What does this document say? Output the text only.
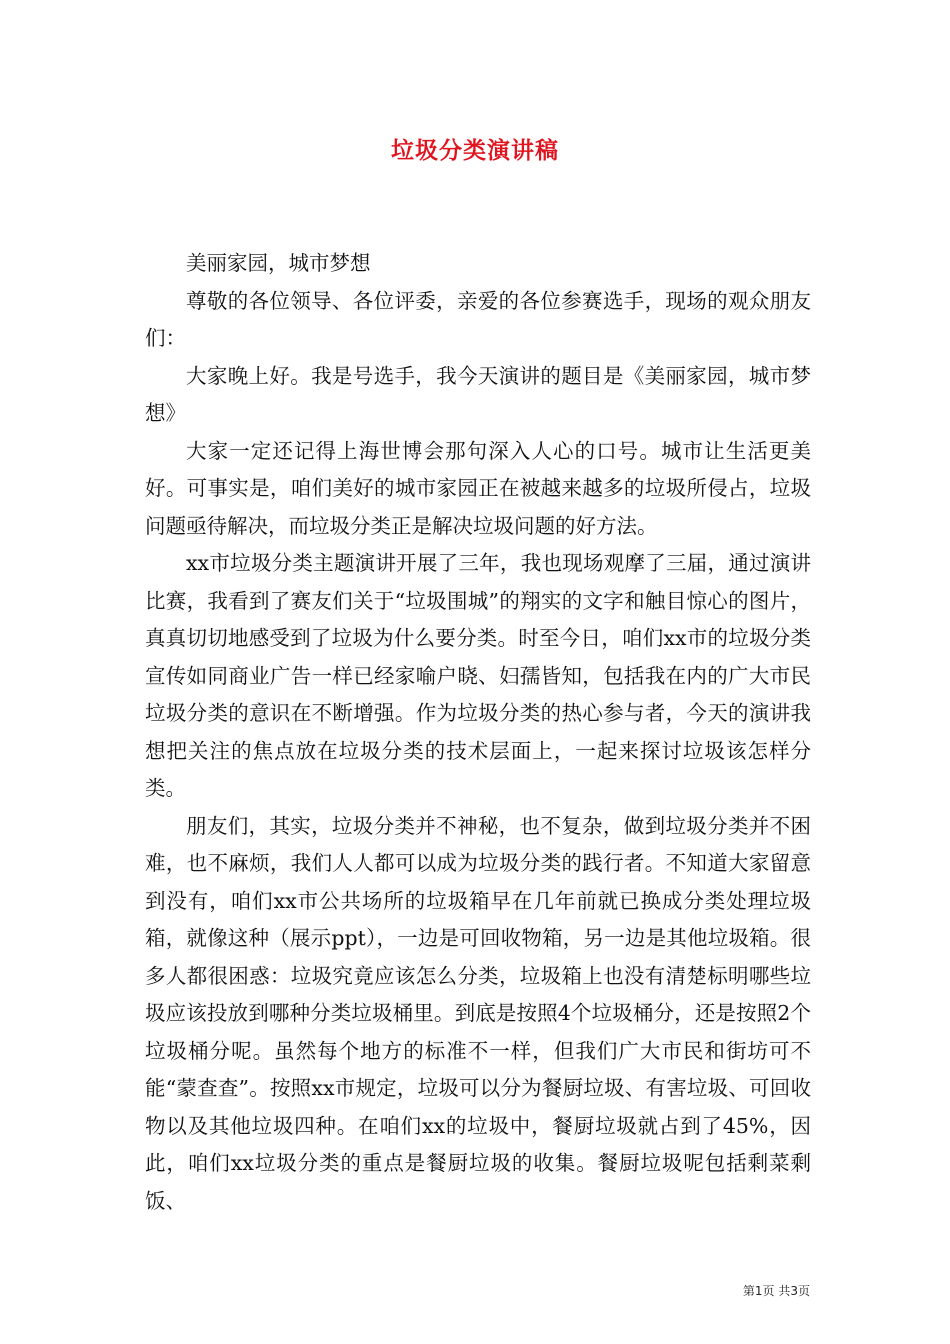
垃圾分类演讲稿

美丽家园，城市梦想

尊敬的各位领导、各位评委，亲爱的各位参赛选手，现场的观众朋友们：

大家晚上好。我是号选手，我今天演讲的题目是《美丽家园，城市梦想》

大家一定还记得上海世博会那句深入人心的口号。城市让生活更美好。可事实是，咱们美好的城市家园正在被越来越多的垃圾所侵占，垃圾问题亟待解决，而垃圾分类正是解决垃圾问题的好方法。

xx市垃圾分类主题演讲开展了三年，我也现场观摩了三届，通过演讲比赛，我看到了赛友们关于“垃圾围城”的翔实的文字和触目惊心的图片，真真切切地感受到了垃圾为什么要分类。时至今日，咱们xx市的垃圾分类宣传如同商业广告一样已经家喻户晓、妇孺皆知，包括我在内的广大市民垃圾分类的意识在不断增强。作为垃圾分类的热心参与者，今天的演讲我想把关注的焦点放在垃圾分类的技术层面上，一起来探讨垃圾该怎样分类。

朋友们，其实，垃圾分类并不神秘，也不复杂，做到垃圾分类并不困难，也不麻烦，我们人人都可以成为垃圾分类的践行者。不知道大家留意到没有，咱们xx市公共场所的垃圾箱早在几年前就已换成分类处理垃圾箱，就像这种（展示ppt），一边是可回收物箱，另一边是其他垃圾箱。很多人都很困惑：垃圾究竟应该怎么分类，垃圾箱上也没有清楚标明哪些垃圾应该投放到哪种分类垃圾桶里。到底是按照4个垃圾桶分，还是按照2个垃圾桶分呢。虽然每个地方的标准不一样，但我们广大市民和街坊可不能“蒙查查”。按照xx市规定，垃圾可以分为餐厨垃圾、有害垃圾、可回收物以及其他垃圾四种。在咱们xx的垃圾中，餐厨垃圾就占到了45%，因此，咱们xx垃圾分类的重点是餐厨垃圾的收集。餐厨垃圾呢包括剩菜剩饭、

第1页 共3页
